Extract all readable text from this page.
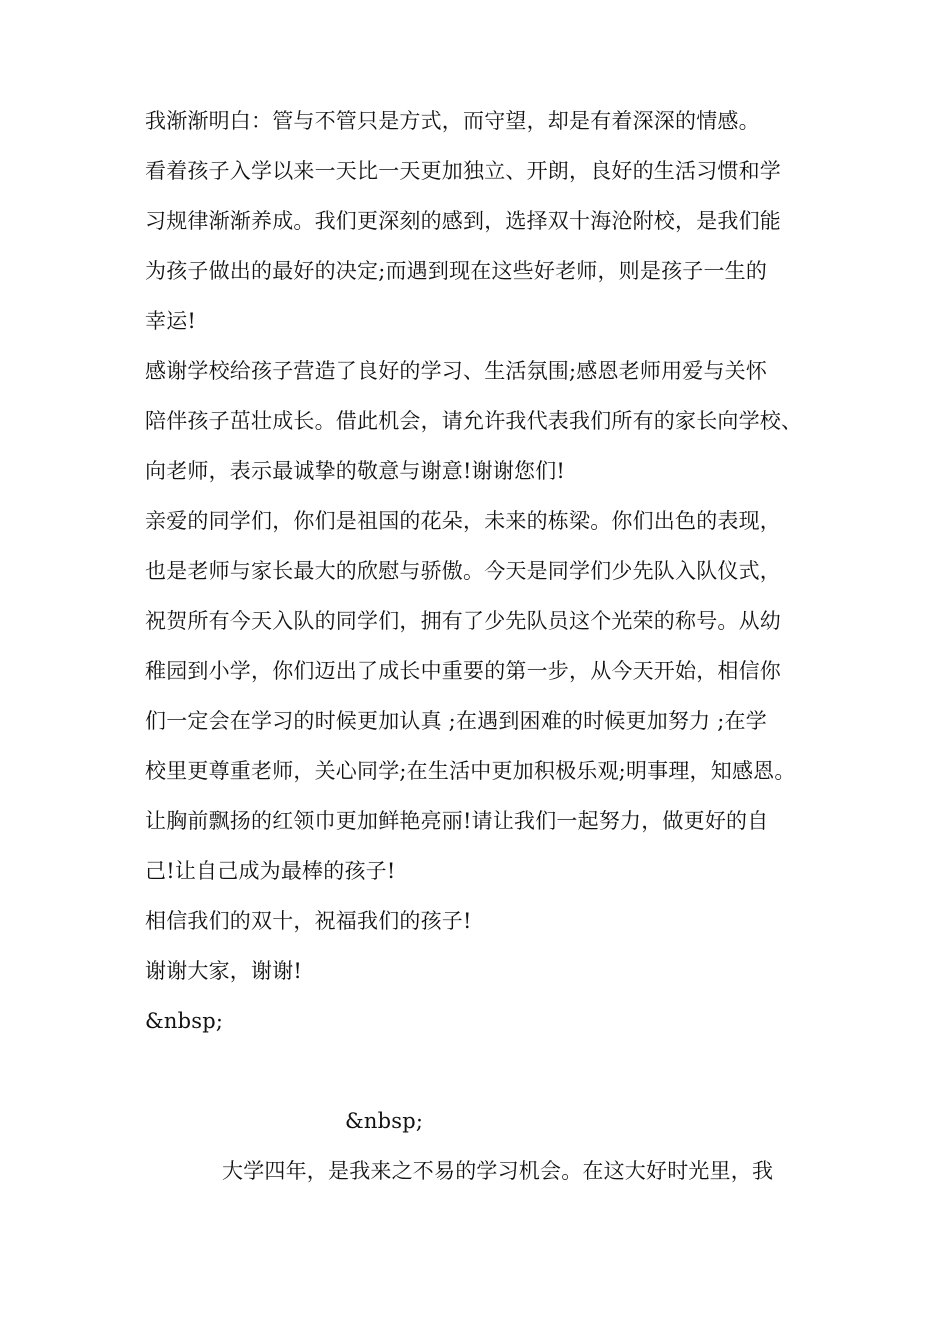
我渐渐明白：管与不管只是方式，而守望，却是有着深深的情感。
看着孩子入学以来一天比一天更加独立、开朗，良好的生活习惯和学
习规律渐渐养成。我们更深刻的感到，选择双十海沧附校，是我们能
为孩子做出的最好的决定;而遇到现在这些好老师，则是孩子一生的
幸运!
感谢学校给孩子营造了良好的学习、生活氛围;感恩老师用爱与关怀
陪伴孩子茁壮成长。借此机会，请允许我代表我们所有的家长向学校、
向老师，表示最诚挚的敬意与谢意!谢谢您们!
亲爱的同学们，你们是祖国的花朵，未来的栋梁。你们出色的表现，
也是老师与家长最大的欣慰与骄傲。今天是同学们少先队入队仪式，
祝贺所有今天入队的同学们，拥有了少先队员这个光荣的称号。从幼
稚园到小学，你们迈出了成长中重要的第一步，从今天开始，相信你
们一定会在学习的时候更加认真 ;在遇到困难的时候更加努力 ;在学
校里更尊重老师，关心同学;在生活中更加积极乐观;明事理，知感恩。
让胸前飘扬的红领巾更加鲜艳亮丽!请让我们一起努力，做更好的自
己!让自己成为最棒的孩子!
相信我们的双十，祝福我们的孩子!
谢谢大家，谢谢!
&nbsp;
&nbsp;
大学四年，是我来之不易的学习机会。在这大好时光里，我
